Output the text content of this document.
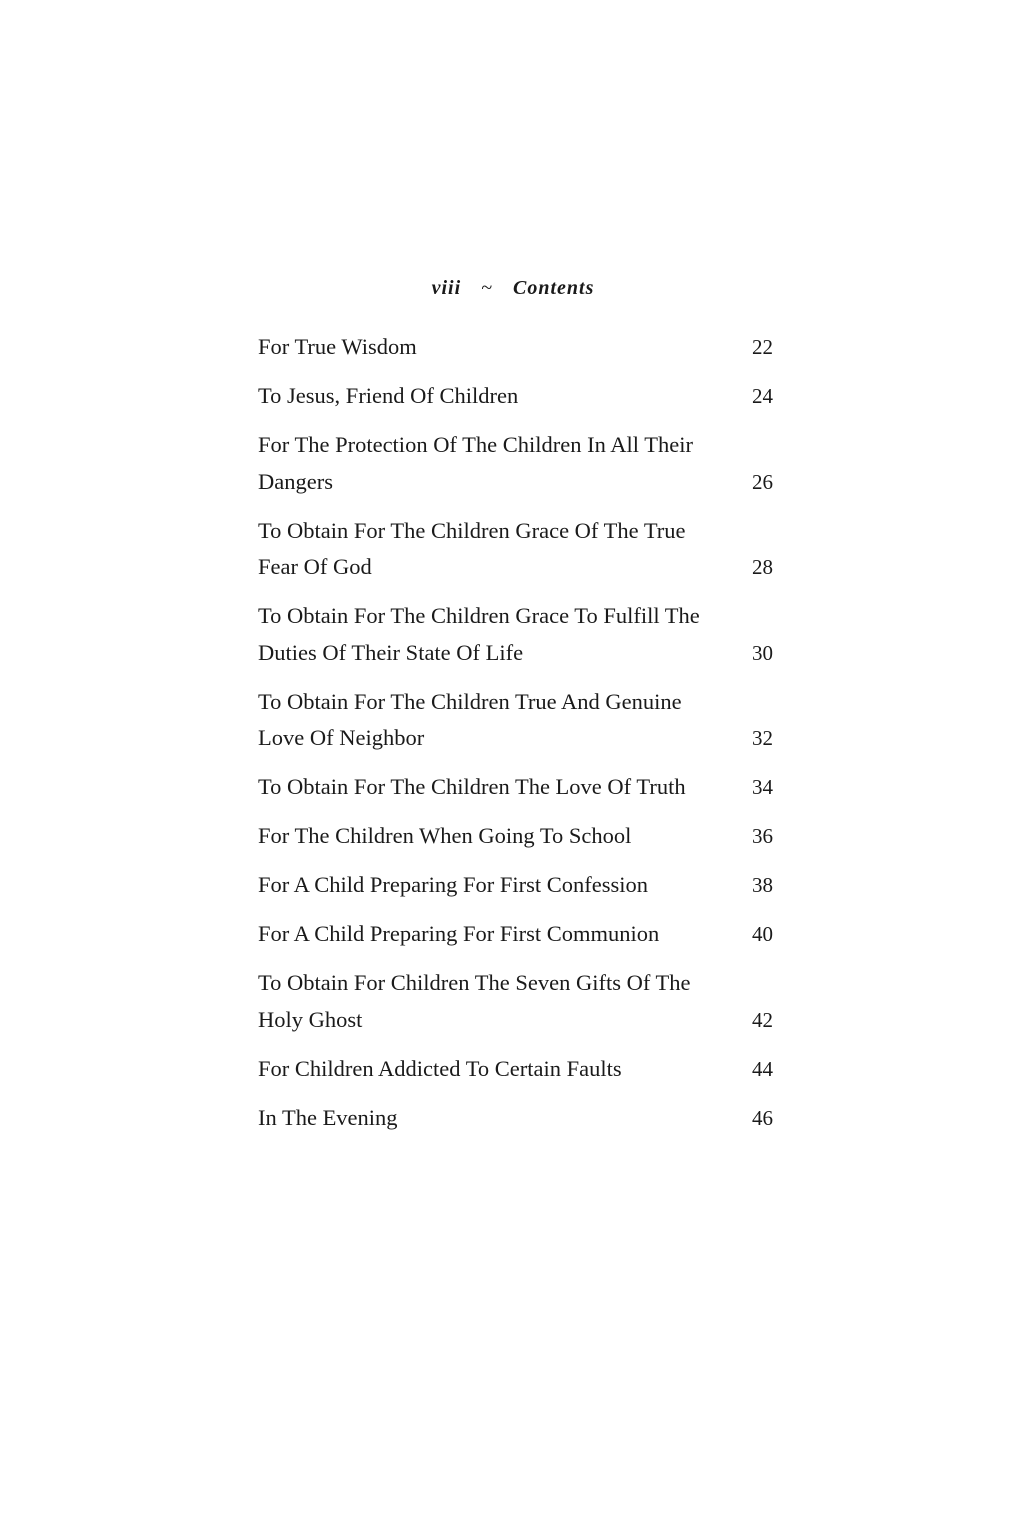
viii ~ Contents
For True Wisdom	22
To Jesus, Friend Of Children	24
For The Protection Of The Children In All Their Dangers	26
To Obtain For The Children Grace Of The True Fear Of God	28
To Obtain For The Children Grace To Fulfill The Duties Of Their State Of Life	30
To Obtain For The Children True And Genuine Love Of Neighbor	32
To Obtain For The Children The Love Of Truth	34
For The Children When Going To School	36
For A Child Preparing For First Confession	38
For A Child Preparing For First Communion	40
To Obtain For Children The Seven Gifts Of The Holy Ghost	42
For Children Addicted To Certain Faults	44
In The Evening	46
